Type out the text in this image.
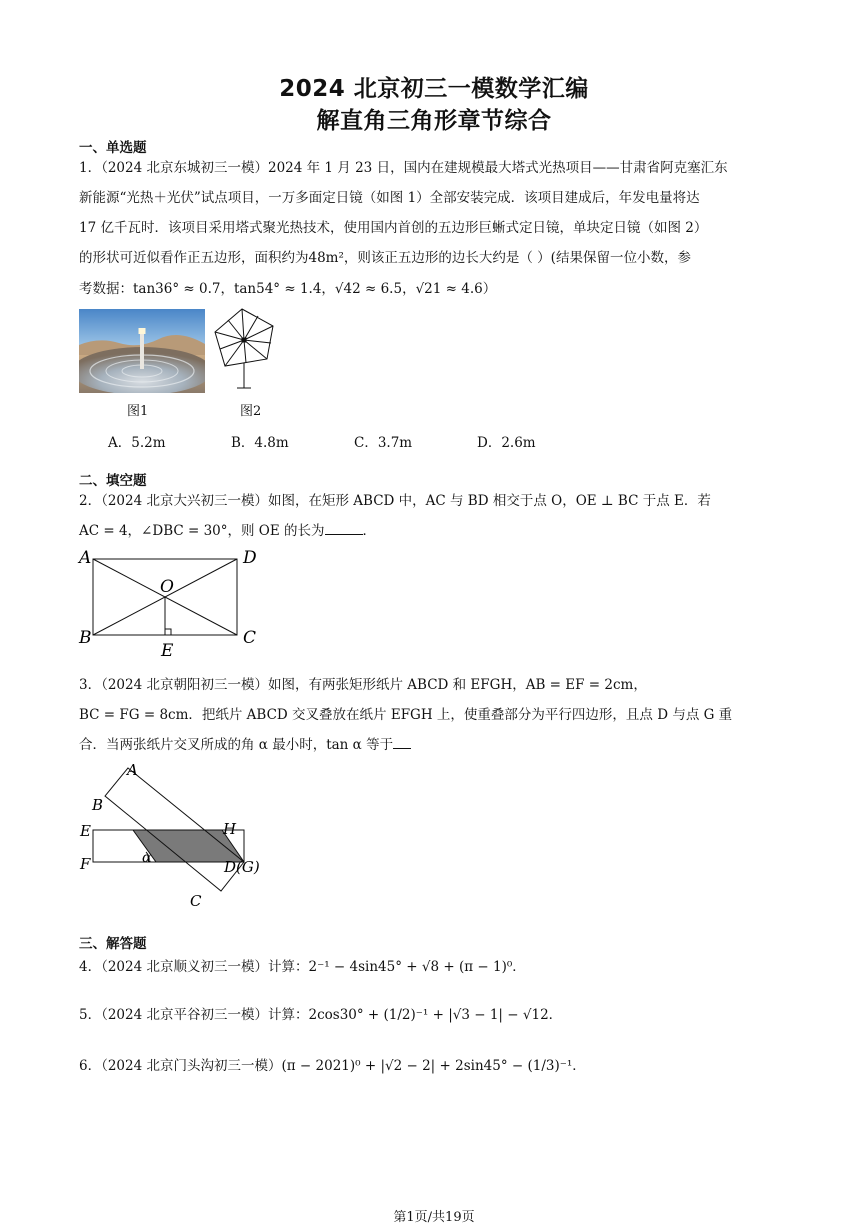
2024 北京初三一模数学汇编
解直角三角形章节综合
一、单选题
1．（2024 北京东城初三一模）2024 年 1 月 23 日，国内在建规模最大塔式光热项目——甘肃省阿克塞汇东
新能源“光热＋光伏”试点项目，一万多面定日镜（如图 1）全部安装完成．该项目建成后，年发电量将达
17 亿千瓦时．该项目采用塔式聚光热技术，使用国内首创的五边形巨蜥式定日镜，单块定日镜（如图 2）
的形状可近似看作正五边形，面积约为48m²，则该正五边形的边长大约是（ ）(结果保留一位小数，参
考数据：tan36° ≈ 0.7，tan54° ≈ 1.4，√42 ≈ 6.5，√21 ≈ 4.6）
图1	图2
A．5.2m	B．4.8m	C．3.7m	D．2.6m
二、填空题
2．（2024 北京大兴初三一模）如图，在矩形 ABCD 中，AC 与 BD 相交于点 O，OE ⊥ BC 于点 E．若
AC = 4，∠DBC = 30°，则 OE 的长为	．
A	D
O
B	C
E
3．（2024 北京朝阳初三一模）如图，有两张矩形纸片 ABCD 和 EFGH，AB = EF = 2cm，
BC = FG = 8cm．把纸片 ABCD 交叉叠放在纸片 EFGH 上，使重叠部分为平行四边形，且点 D 与点 G 重
合．当两张纸片交叉所成的角 α 最小时，tan α 等于
A
B
E	H
F	α	D(G)
C
三、解答题
4．（2024 北京顺义初三一模）计算：2⁻¹ − 4sin45° + √8 + (π − 1)⁰．
5．（2024 北京平谷初三一模）计算：2cos30° + (1/2)⁻¹ + |√3 − 1| − √12．
6．（2024 北京门头沟初三一模）(π − 2021)⁰ + |√2 − 2| + 2sin45° − (1/3)⁻¹．
第1页/共19页
